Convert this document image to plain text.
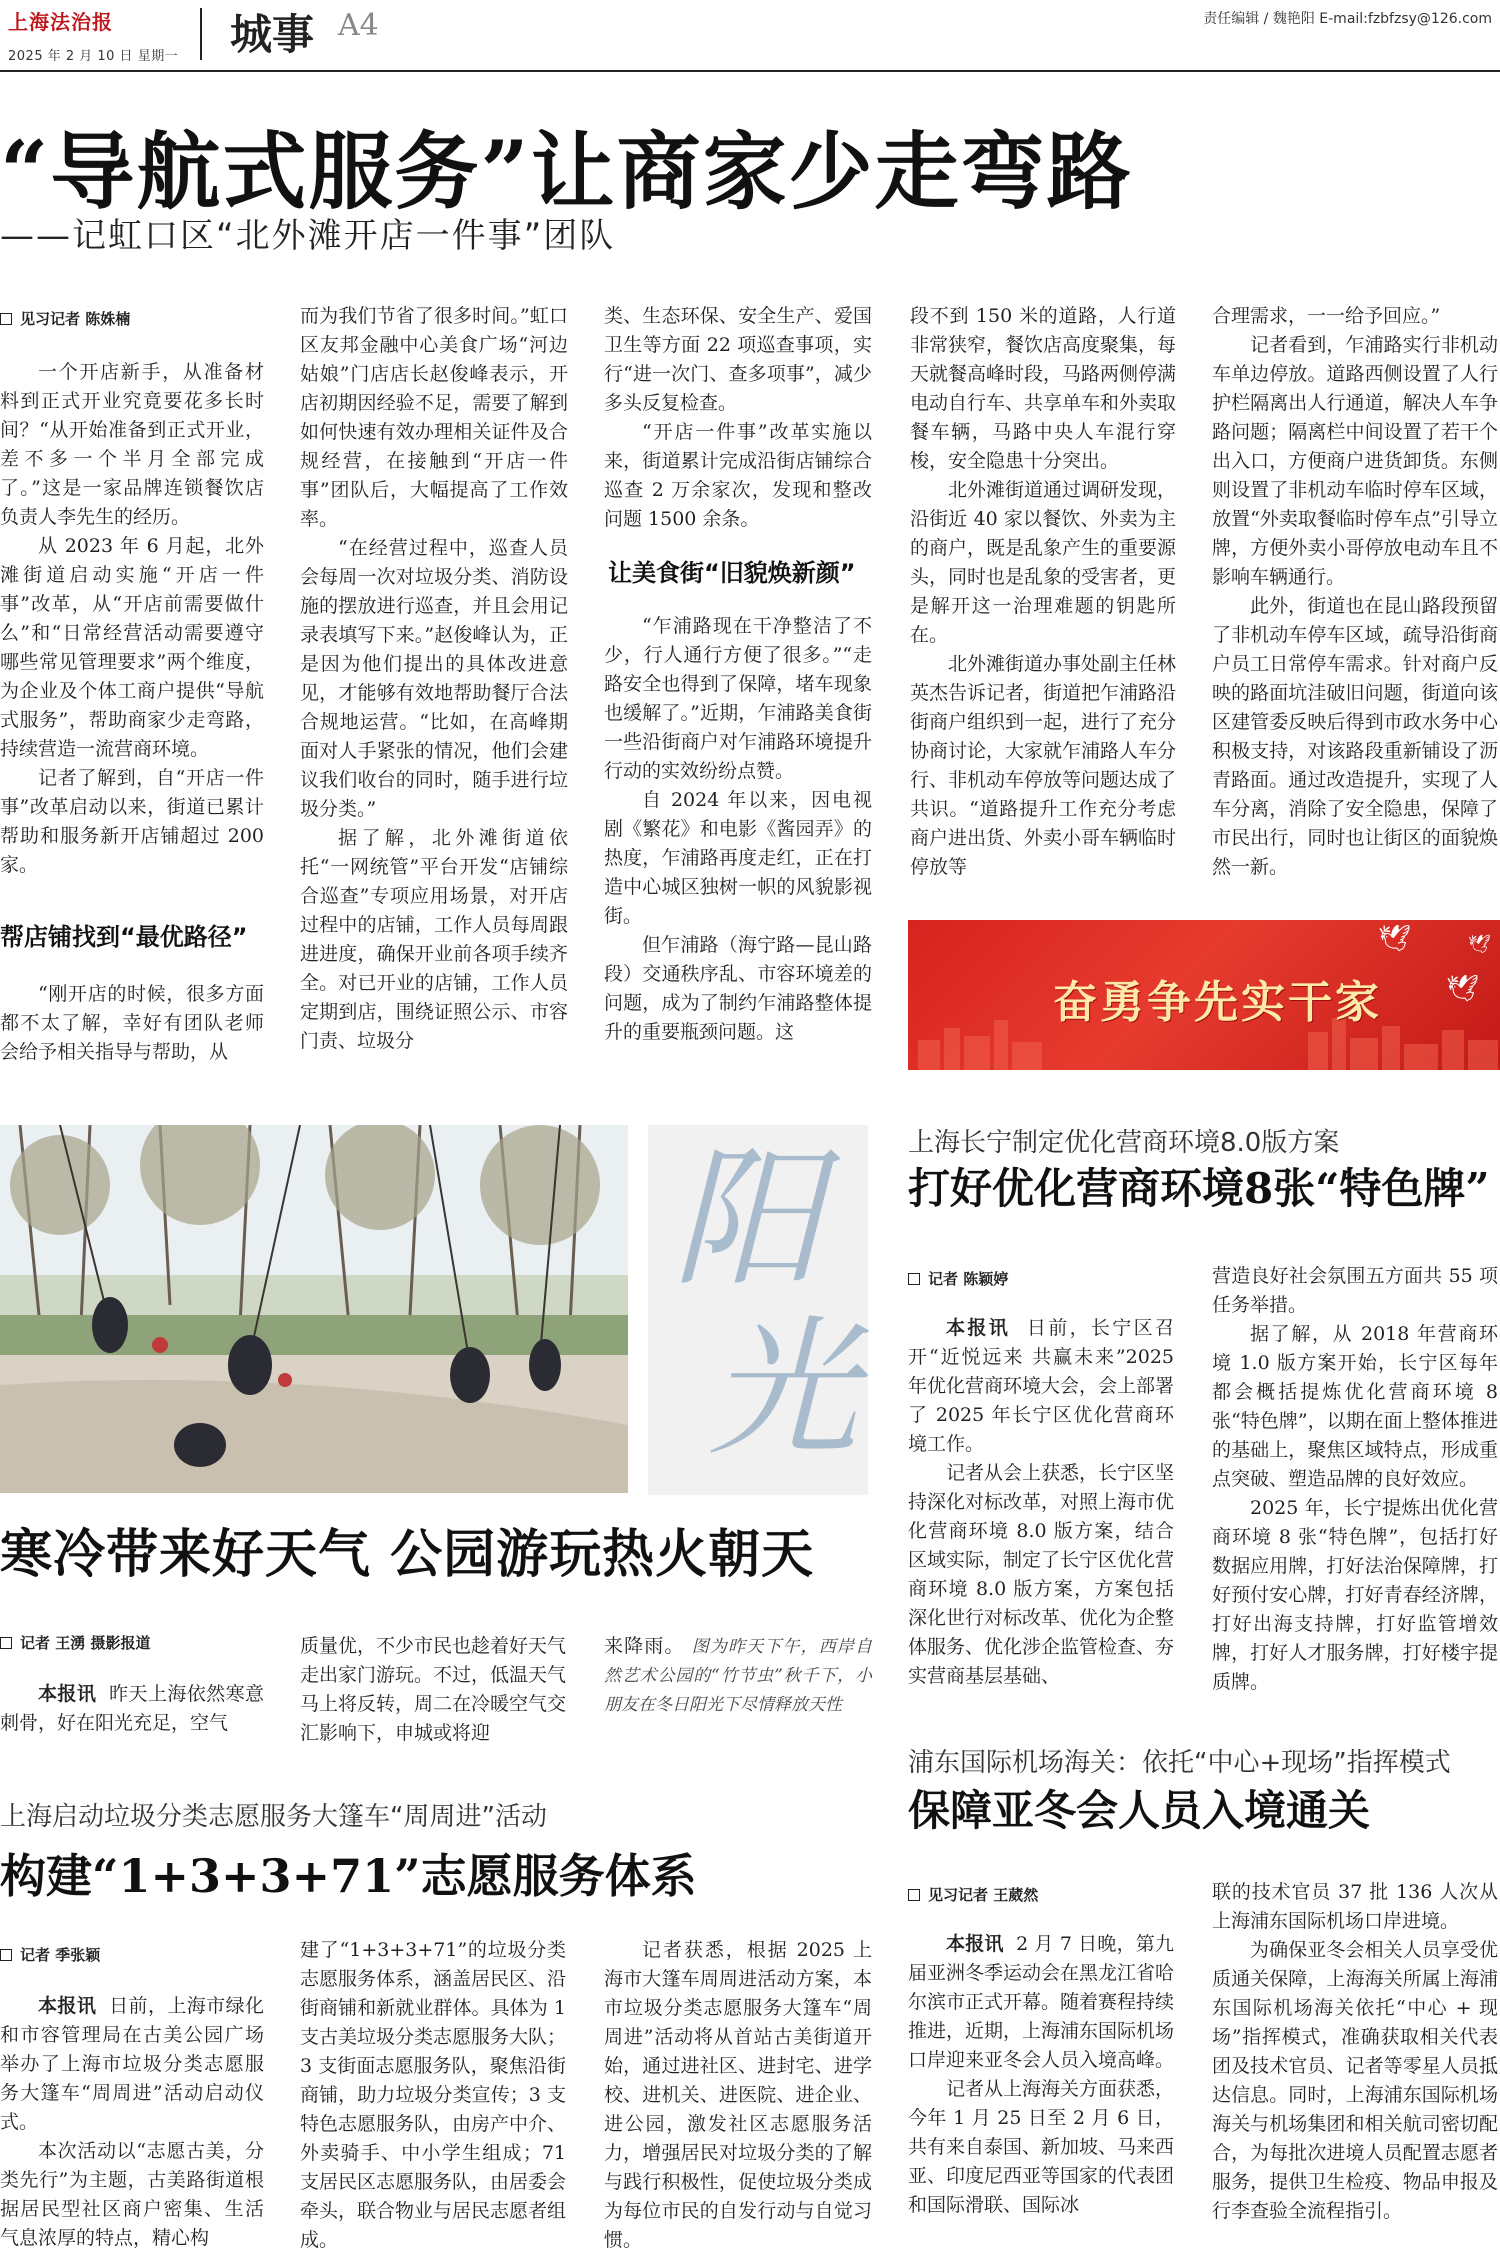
上海法治报
2025 年 2 月 10 日 星期一 城事 A4	责任编辑 / 魏艳阳 E-mail:fzbfzsy@126.com
“导航式服务”让商家少走弯路
——记虹口区“北外滩开店一件事”团队
见习记者 陈姝楠

一个开店新手，从准备材料到正式开业究竟要花多长时间？“从开始准备到正式开业，差不多一个半月全部完成了。”这是一家品牌连锁餐饮店负责人李先生的经历。

从 2023 年 6 月起，北外滩街道启动实施“开店一件事”改革，从“开店前需要做什么”和“日常经营活动需要遵守哪些常见管理要求”两个维度，为企业及个体工商户提供“导航式服务”，帮助商家少走弯路，持续营造一流营商环境。

记者了解到，自“开店一件事”改革启动以来，街道已累计帮助和服务新开店铺超过 200 家。

帮店铺找到“最优路径”

“刚开店的时候，很多方面都不太了解，幸好有团队老师会给予相关指导与帮助，从

而为我们节省了很多时间。”虹口区友邦金融中心美食广场“河边姑娘”门店店长赵俊峰表示，开店初期因经验不足，需要了解到如何快速有效办理相关证件及合规经营，在接触到“开店一件事”团队后，大幅提高了工作效率。

“在经营过程中，巡查人员会每周一次对垃圾分类、消防设施的摆放进行巡查，并且会用记录表填写下来。”赵俊峰认为，正是因为他们提出的具体改进意见，才能够有效地帮助餐厅合法合规地运营。“比如，在高峰期面对人手紧张的情况，他们会建议我们收台的同时，随手进行垃圾分类。”

据了解，北外滩街道依托“一网统管”平台开发“店铺综合巡查”专项应用场景，对开店过程中的店铺，工作人员每周跟进进度，确保开业前各项手续齐全。对已开业的店铺，工作人员定期到店，围绕证照公示、市容门责、垃圾分

类、生态环保、安全生产、爱国卫生等方面 22 项巡查事项，实行“进一次门、查多项事”，减少多头反复检查。

“开店一件事”改革实施以来，街道累计完成沿街店铺综合巡查 2 万余家次，发现和整改问题 1500 余条。

让美食街“旧貌焕新颜”

“乍浦路现在干净整洁了不少，行人通行方便了很多。”“走路安全也得到了保障，堵车现象也缓解了。”近期，乍浦路美食街一些沿街商户对乍浦路环境提升行动的实效纷纷点赞。

自 2024 年以来，因电视剧《繁花》和电影《酱园弄》的热度，乍浦路再度走红，正在打造中心城区独树一帜的风貌影视街。

但乍浦路（海宁路—昆山路段）交通秩序乱、市容环境差的问题，成为了制约乍浦路整体提升的重要瓶颈问题。这

段不到 150 米的道路，人行道非常狭窄，餐饮店高度聚集，每天就餐高峰时段，马路两侧停满电动自行车、共享单车和外卖取餐车辆，马路中央人车混行穿梭，安全隐患十分突出。

北外滩街道通过调研发现，沿街近 40 家以餐饮、外卖为主的商户，既是乱象产生的重要源头，同时也是乱象的受害者，更是解开这一治理难题的钥匙所在。

北外滩街道办事处副主任林英杰告诉记者，街道把乍浦路沿街商户组织到一起，进行了充分协商讨论，大家就乍浦路人车分行、非机动车停放等问题达成了共识。“道路提升工作充分考虑商户进出货、外卖小哥车辆临时停放等

合理需求，一一给予回应。”

记者看到，乍浦路实行非机动车单边停放。道路西侧设置了人行护栏隔离出人行通道，解决人车争路问题；隔离栏中间设置了若干个出入口，方便商户进货卸货。东侧则设置了非机动车临时停车区域，放置“外卖取餐临时停车点”引导立牌，方便外卖小哥停放电动车且不影响车辆通行。

此外，街道也在昆山路段预留了非机动车停车区域，疏导沿街商户员工日常停车需求。针对商户反映的路面坑洼破旧问题，街道向该区建管委反映后得到市政水务中心积极支持，对该路段重新铺设了沥青路面。通过改造提升，实现了人车分离，消除了安全隐患，保障了市民出行，同时也让街区的面貌焕然一新。

🕊
🕊
🕊
奋勇争先实干家
阳
光
寒冷带来好天气 公园游玩热火朝天
记者 王湧 摄影报道

本报讯 昨天上海依然寒意刺骨，好在阳光充足，空气

质量优，不少市民也趁着好天气走出家门游玩。不过，低温天气马上将反转，周二在冷暖空气交汇影响下，申城或将迎

来降雨。 图为昨天下午，西岸自然艺术公园的“竹节虫”秋千下，小朋友在冬日阳光下尽情释放天性
上海启动垃圾分类志愿服务大篷车“周周进”活动
构建“1+3+3+71”志愿服务体系
记者 季张颖

本报讯 日前，上海市绿化和市容管理局在古美公园广场举办了上海市垃圾分类志愿服务大篷车“周周进”活动启动仪式。

本次活动以“志愿古美，分类先行”为主题，古美路街道根据居民型社区商户密集、生活气息浓厚的特点，精心构

建了“1+3+3+71”的垃圾分类志愿服务体系，涵盖居民区、沿街商铺和新就业群体。具体为 1 支古美垃圾分类志愿服务大队；3 支街面志愿服务队，聚焦沿街商铺，助力垃圾分类宣传；3 支特色志愿服务队，由房产中介、外卖骑手、中小学生组成；71 支居民区志愿服务队，由居委会牵头，联合物业与居民志愿者组成。

记者获悉，根据 2025 上海市大篷车周周进活动方案，本市垃圾分类志愿服务大篷车“周周进”活动将从首站古美街道开始，通过进社区、进封宅、进学校、进机关、进医院、进企业、进公园，激发社区志愿服务活力，增强居民对垃圾分类的了解与践行积极性，促使垃圾分类成为每位市民的自发行动与自觉习惯。

上海长宁制定优化营商环境8.0版方案
打好优化营商环境8张“特色牌”
记者 陈颖婷

本报讯 日前，长宁区召开“近悦远来 共赢未来”2025 年优化营商环境大会，会上部署了 2025 年长宁区优化营商环境工作。

记者从会上获悉，长宁区坚持深化对标改革，对照上海市优化营商环境 8.0 版方案，结合区域实际，制定了长宁区优化营商环境 8.0 版方案，方案包括深化世行对标改革、优化为企整体服务、优化涉企监管检查、夯实营商基层基础、

营造良好社会氛围五方面共 55 项任务举措。

据了解，从 2018 年营商环境 1.0 版方案开始，长宁区每年都会概括提炼优化营商环境 8 张“特色牌”，以期在面上整体推进的基础上，聚焦区域特点，形成重点突破、塑造品牌的良好效应。

2025 年，长宁提炼出优化营商环境 8 张“特色牌”，包括打好数据应用牌，打好法治保障牌，打好预付安心牌，打好青春经济牌，打好出海支持牌，打好监管增效牌，打好人才服务牌，打好楼宇提质牌。

浦东国际机场海关：依托“中心+现场”指挥模式
保障亚冬会人员入境通关
见习记者 王葳然

本报讯 2 月 7 日晚，第九届亚洲冬季运动会在黑龙江省哈尔滨市正式开幕。随着赛程持续推进，近期，上海浦东国际机场口岸迎来亚冬会人员入境高峰。

记者从上海海关方面获悉，今年 1 月 25 日至 2 月 6 日，共有来自泰国、新加坡、马来西亚、印度尼西亚等国家的代表团和国际滑联、国际冰

联的技术官员 37 批 136 人次从上海浦东国际机场口岸进境。

为确保亚冬会相关人员享受优质通关保障，上海海关所属上海浦东国际机场海关依托“中心 + 现场”指挥模式，准确获取相关代表团及技术官员、记者等零星人员抵达信息。同时，上海浦东国际机场海关与机场集团和相关航司密切配合，为每批次进境人员配置志愿者服务，提供卫生检疫、物品申报及行李查验全流程指引。
